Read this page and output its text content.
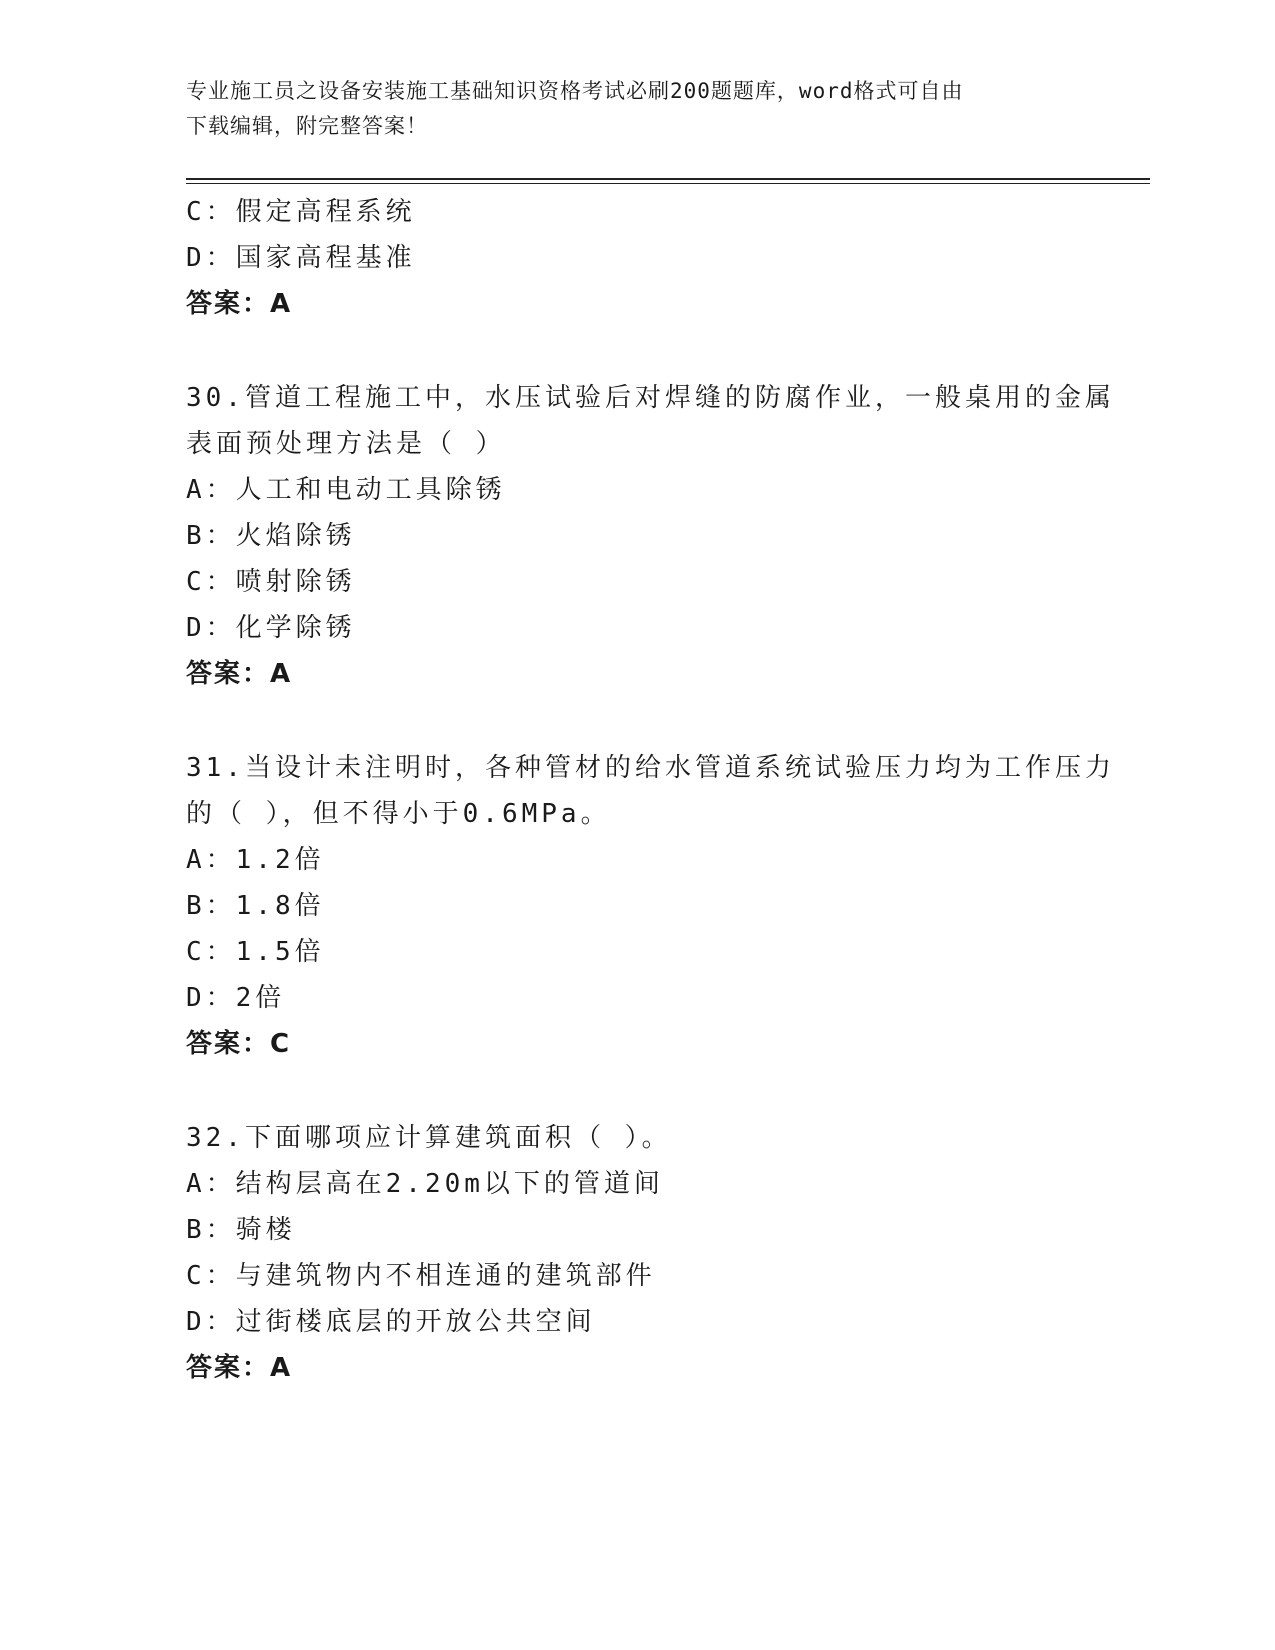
专业施工员之设备安装施工基础知识资格考试必刷200题题库，word格式可自由
下载编辑，附完整答案！
C：假定高程系统
D：国家高程基准
答案：A
30.管道工程施工中，水压试验后对焊缝的防腐作业，一般桌用的金属
表面预处理方法是（ ）
A：人工和电动工具除锈
B：火焰除锈
C：喷射除锈
D：化学除锈
答案：A
31.当设计未注明时，各种管材的给水管道系统试验压力均为工作压力
的（ ），但不得小于0.6MPa。
A：1.2倍
B：1.8倍
C：1.5倍
D：2倍
答案：C
32.下面哪项应计算建筑面积（ ）。
A：结构层高在2.20m以下的管道间
B：骑楼
C：与建筑物内不相连通的建筑部件
D：过街楼底层的开放公共空间
答案：A
